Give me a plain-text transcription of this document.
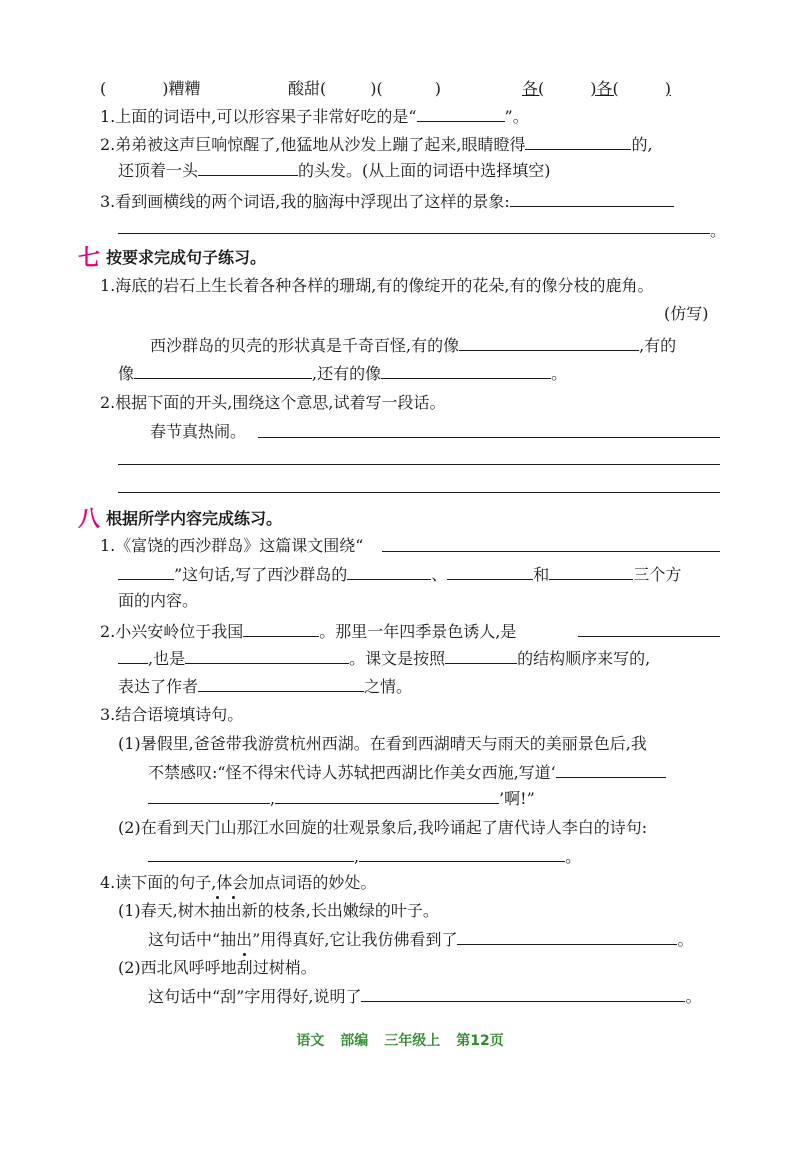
(	)糟糟	酸甜(	)(	)	各(	)各(	)
1.上面的词语中,可以形容果子非常好吃的是“	”。
2.弟弟被这声巨响惊醒了,他猛地从沙发上蹦了起来,眼睛瞪得	的,
还顶着一头	的头发。(从上面的词语中选择填空)
3.看到画横线的两个词语,我的脑海中浮现出了这样的景象:
。
七 按要求完成句子练习。
1.海底的岩石上生长着各种各样的珊瑚,有的像绽开的花朵,有的像分枝的鹿角。
(仿写)
西沙群岛的贝壳的形状真是千奇百怪,有的像	,有的
像	,还有的像	。
2.根据下面的开头,围绕这个意思,试着写一段话。
春节真热闹。
八 根据所学内容完成练习。
1.《富饶的西沙群岛》这篇课文围绕“
”这句话,写了西沙群岛的	、	和	三个方
面的内容。
2.小兴安岭位于我国	。那里一年四季景色诱人,是
,也是	。课文是按照	的结构顺序来写的,
表达了作者	之情。
3.结合语境填诗句。
(1)暑假里,爸爸带我游赏杭州西湖。在看到西湖晴天与雨天的美丽景色后,我
不禁感叹:“怪不得宋代诗人苏轼把西湖比作美女西施,写道‘
,	’啊!”
(2)在看到天门山那江水回旋的壮观景象后,我吟诵起了唐代诗人李白的诗句:
,	。
4.读下面的句子,体会加点词语的妙处。
(1)春天,树木抽出新的枝条,长出嫩绿的叶子。
这句话中“抽出”用得真好,它让我仿佛看到了	。
(2)西北风呼呼地刮过树梢。
这句话中“刮”字用得好,说明了	。
语文 部编 三年级上 第12页
